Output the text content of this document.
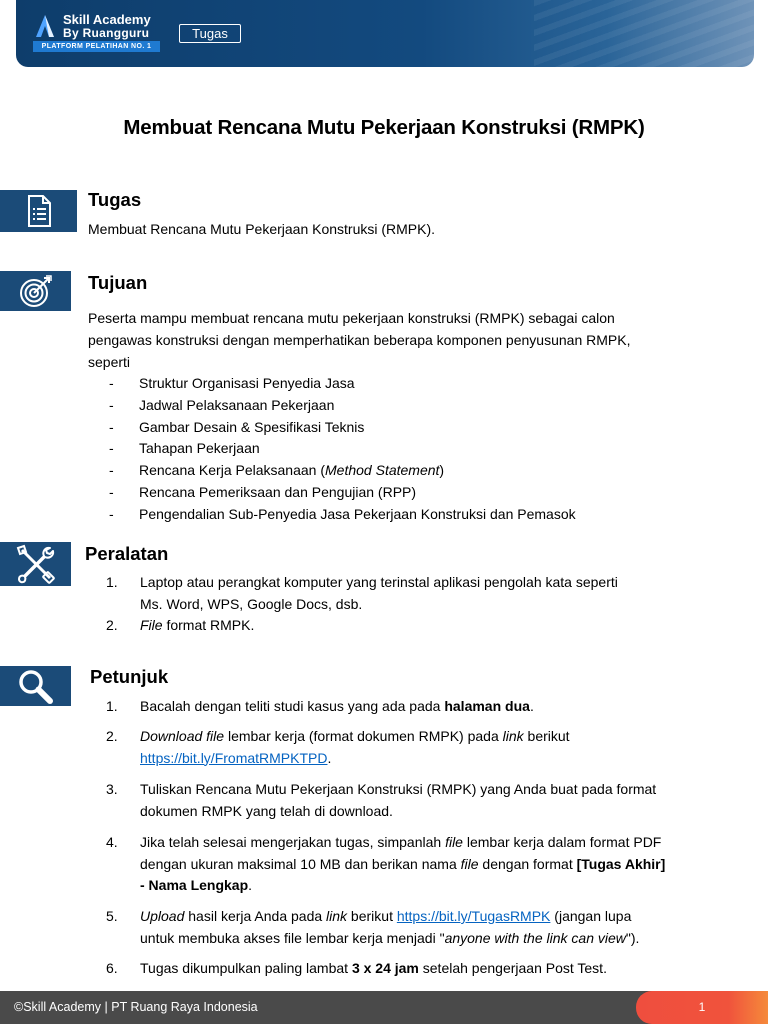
Skill Academy
By Ruangguru
PLATFORM PELATIHAN NO. 1
Tugas
Membuat Rencana Mutu Pekerjaan Konstruksi (RMPK)
Tugas
Membuat Rencana Mutu Pekerjaan Konstruksi (RMPK).
Tujuan
Peserta mampu membuat rencana mutu pekerjaan konstruksi (RMPK) sebagai calon
pengawas konstruksi dengan memperhatikan beberapa komponen penyusunan RMPK,
seperti
- Struktur Organisasi Penyedia Jasa
- Jadwal Pelaksanaan Pekerjaan
- Gambar Desain & Spesifikasi Teknis
- Tahapan Pekerjaan
- Rencana Kerja Pelaksanaan (Method Statement)
- Rencana Pemeriksaan dan Pengujian (RPP)
- Pengendalian Sub-Penyedia Jasa Pekerjaan Konstruksi dan Pemasok
Peralatan
1. Laptop atau perangkat komputer yang terinstal aplikasi pengolah kata seperti
Ms. Word, WPS, Google Docs, dsb.
2. File format RMPK.
Petunjuk
1. Bacalah dengan teliti studi kasus yang ada pada halaman dua.
2. Download file lembar kerja (format dokumen RMPK) pada link berikut
https://bit.ly/FromatRMPKTPD.
3. Tuliskan Rencana Mutu Pekerjaan Konstruksi (RMPK) yang Anda buat pada format
dokumen RMPK yang telah di download.
4. Jika telah selesai mengerjakan tugas, simpanlah file lembar kerja dalam format PDF
dengan ukuran maksimal 10 MB dan berikan nama file dengan format [Tugas Akhir]
- Nama Lengkap.
5. Upload hasil kerja Anda pada link berikut https://bit.ly/TugasRMPK (jangan lupa
untuk membuka akses file lembar kerja menjadi "anyone with the link can view").
6. Tugas dikumpulkan paling lambat 3 x 24 jam setelah pengerjaan Post Test.
©Skill Academy | PT Ruang Raya Indonesia	1
